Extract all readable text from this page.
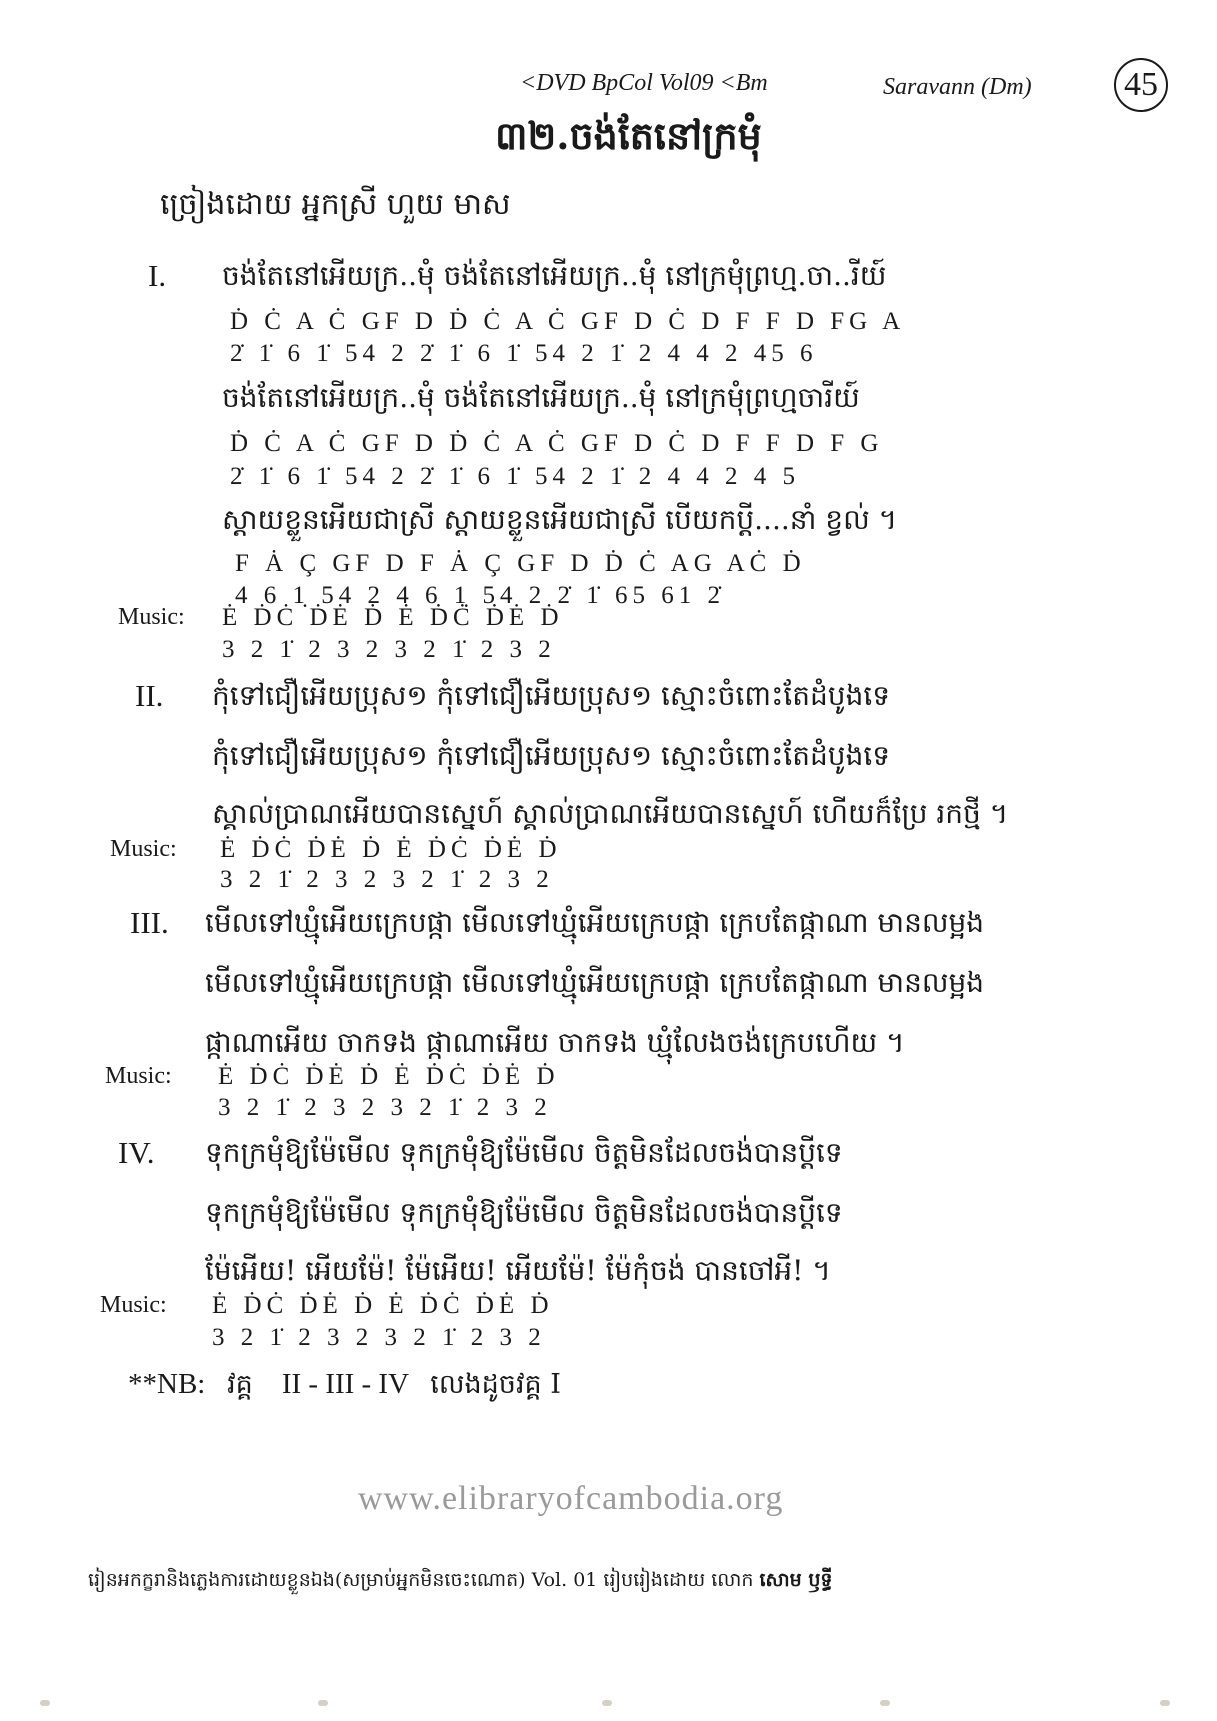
<DVD BpCol Vol09 <Bm	Saravann (Dm)	45
៣២.ចង់តែនៅក្រមុំ
ច្រៀងដោយ អ្នកស្រី ហួយ មាស
I. ចង់តែនៅអើយក្រ..មុំ ចង់តែនៅអើយក្រ..មុំ នៅក្រមុំព្រហ្ម.ចា..រីយ៍
Ḋ Ċ A Ċ GF D Ḋ Ċ A Ċ GF D Ċ D F F D FG A
2̇ 1̇ 6 1̇ 54 2 2̇ 1̇ 6 1̇ 54 2 1̇ 2 4 4 2 45 6
ចង់តែនៅអើយក្រ..មុំ ចង់តែនៅអើយក្រ..មុំ នៅក្រមុំព្រហ្មចារីយ៍
Ḋ Ċ A Ċ GF D Ḋ Ċ A Ċ GF D Ċ D F F D F G
2̇ 1̇ 6 1̇ 54 2 2̇ 1̇ 6 1̇ 54 2 1̇ 2 4 4 2 4 5
ស្តាយខ្លួនអើយជាស្រី ស្តាយខ្លួនអើយជាស្រី បើយកប្តី....នាំ ខ្វល់ ។
F Ȧ Ç GF D F Ȧ Ç GF D Ḋ Ċ AG AĊ Ḋ
4 6 1̣ 54 2 4 6 1̣ 54 2 2̇ 1̇ 65 61 2̇
Music: Ė ḊĊ ḊĖ Ḋ Ė ḊĊ ḊĖ Ḋ
3 2 1̇ 2 3 2 3 2 1̇ 2 3 2
II. កុំទៅជឿអើយប្រុស១ កុំទៅជឿអើយប្រុស១ ស្មោះចំពោះតែដំបូងទេ
កុំទៅជឿអើយប្រុស១ កុំទៅជឿអើយប្រុស១ ស្មោះចំពោះតែដំបូងទេ
ស្គាល់ប្រាណអើយបានស្នេហ៍ ស្គាល់ប្រាណអើយបានស្នេហ៍ ហើយក៏ប្រែ រកថ្មី ។
Music: Ė ḊĊ ḊĖ Ḋ Ė ḊĊ ḊĖ Ḋ
3 2 1̇ 2 3 2 3 2 1̇ 2 3 2
III. មើលទៅឃ្មុំអើយក្រេបផ្កា មើលទៅឃ្មុំអើយក្រេបផ្កា ក្រេបតែផ្កាណា មានលម្អង
មើលទៅឃ្មុំអើយក្រេបផ្កា មើលទៅឃ្មុំអើយក្រេបផ្កា ក្រេបតែផ្កាណា មានលម្អង
ផ្កាណាអើយ ចាកទង ផ្កាណាអើយ ចាកទង ឃ្មុំលែងចង់ក្រេបហើយ ។
Music: Ė ḊĊ ḊĖ Ḋ Ė ḊĊ ḊĖ Ḋ
3 2 1̇ 2 3 2 3 2 1̇ 2 3 2
IV. ទុកក្រមុំឱ្យម៉ែមើល ទុកក្រមុំឱ្យម៉ែមើល ចិត្តមិនដែលចង់បានប្តីទេ
ទុកក្រមុំឱ្យម៉ែមើល ទុកក្រមុំឱ្យម៉ែមើល ចិត្តមិនដែលចង់បានប្តីទេ
ម៉ែអើយ! អើយម៉ែ! ម៉ែអើយ! អើយម៉ែ! ម៉ែកុំចង់ បានចៅអី! ។
Music: Ė ḊĊ ḊĖ Ḋ Ė ḊĊ ḊĖ Ḋ
3 2 1̇ 2 3 2 3 2 1̇ 2 3 2
**NB: វគ្គ II - III - IV លេងដូចវគ្គ I
www.elibraryofcambodia.org
រៀនអកក្ខរានិងភ្លេងការដោយខ្លួនឯង(សម្រាប់អ្នកមិនចេះណោត) Vol. 01 រៀបរៀងដោយ លោក សោម ឫទ្ធី
